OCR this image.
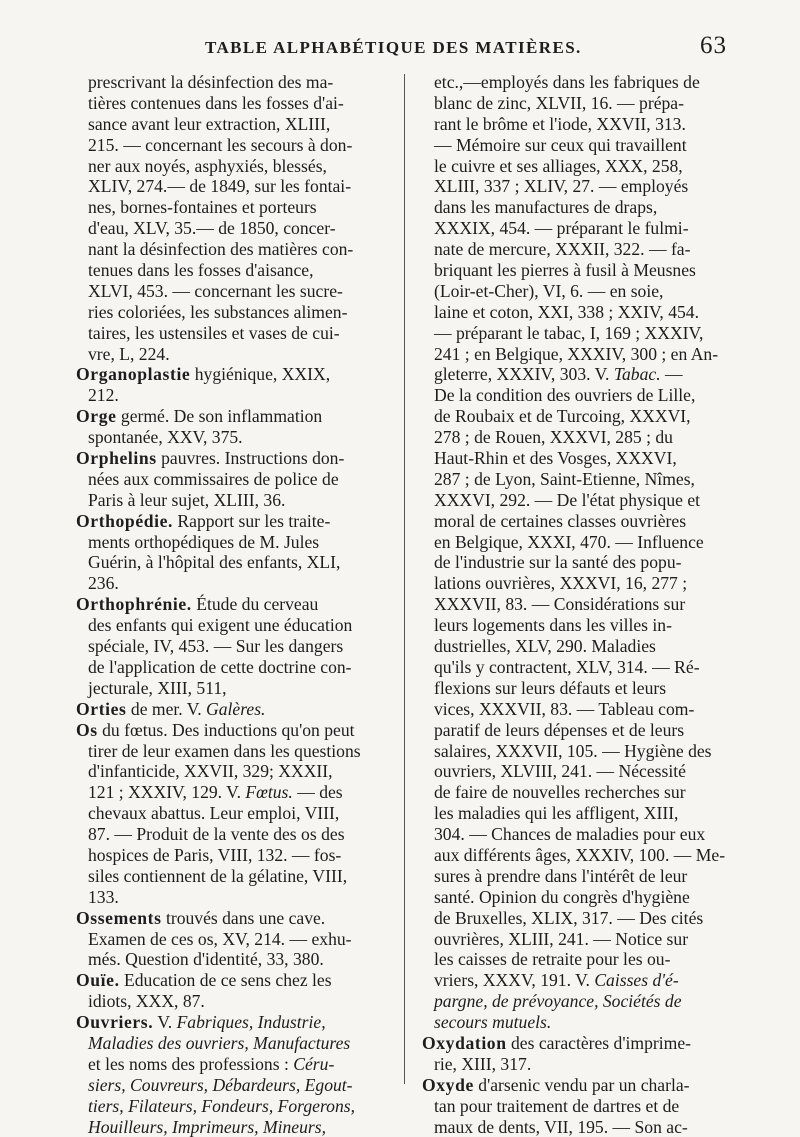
TABLE ALPHABÉTIQUE DES MATIÈRES.	63
prescrivant la désinfection des ma-
tières contenues dans les fosses d'ai-
sance avant leur extraction, XLIII,
215. — concernant les secours à don-
ner aux noyés, asphyxiés, blessés,
XLIV, 274.— de 1849, sur les fontai-
nes, bornes-fontaines et porteurs
d'eau, XLV, 35.— de 1850, concer-
nant la désinfection des matières con-
tenues dans les fosses d'aisance,
XLVI, 453. — concernant les sucre-
ries coloriées, les substances alimen-
taires, les ustensiles et vases de cui-
vre, L, 224.
Organoplastie hygiénique, XXIX,
212.
Orge germé. De son inflammation
spontanée, XXV, 375.
Orphelins pauvres. Instructions don-
nées aux commissaires de police de
Paris à leur sujet, XLIII, 36.
Orthopédie. Rapport sur les traite-
ments orthopédiques de M. Jules
Guérin, à l'hôpital des enfants, XLI,
236.
Orthophrénie. Étude du cerveau
des enfants qui exigent une éducation
spéciale, IV, 453. — Sur les dangers
de l'application de cette doctrine con-
jecturale, XIII, 511,
Orties de mer. V. Galères.
Os du fœtus. Des inductions qu'on peut
tirer de leur examen dans les questions
d'infanticide, XXVII, 329; XXXII,
121 ; XXXIV, 129. V. Fœtus. — des
chevaux abattus. Leur emploi, VIII,
87. — Produit de la vente des os des
hospices de Paris, VIII, 132. — fos-
siles contiennent de la gélatine, VIII,
133.
Ossements trouvés dans une cave.
Examen de ces os, XV, 214. — exhu-
més. Question d'identité, 33, 380.
Ouïe. Education de ce sens chez les
idiots, XXX, 87.
Ouvriers. V. Fabriques, Industrie,
Maladies des ouvriers, Manufactures
et les noms des professions : Céru-
siers, Couvreurs, Débardeurs, Egout-
tiers, Filateurs, Fondeurs, Forgerons,
Houilleurs, Imprimeurs, Mineurs,
etc.,—employés dans les fabriques de
blanc de zinc, XLVII, 16. — prépa-
rant le brôme et l'iode, XXVII, 313.
— Mémoire sur ceux qui travaillent
le cuivre et ses alliages, XXX, 258,
XLIII, 337 ; XLIV, 27. — employés
dans les manufactures de draps,
XXXIX, 454. — préparant le fulmi-
nate de mercure, XXXII, 322. — fa-
briquant les pierres à fusil à Meusnes
(Loir-et-Cher), VI, 6. — en soie,
laine et coton, XXI, 338 ; XXIV, 454.
— préparant le tabac, I, 169 ; XXXIV,
241 ; en Belgique, XXXIV, 300 ; en An-
gleterre, XXXIV, 303. V. Tabac. —
De la condition des ouvriers de Lille,
de Roubaix et de Turcoing, XXXVI,
278 ; de Rouen, XXXVI, 285 ; du
Haut-Rhin et des Vosges, XXXVI,
287 ; de Lyon, Saint-Etienne, Nîmes,
XXXVI, 292. — De l'état physique et
moral de certaines classes ouvrières
en Belgique, XXXI, 470. — Influence
de l'industrie sur la santé des popu-
lations ouvrières, XXXVI, 16, 277 ;
XXXVII, 83. — Considérations sur
leurs logements dans les villes in-
dustrielles, XLV, 290. Maladies
qu'ils y contractent, XLV, 314. — Ré-
flexions sur leurs défauts et leurs
vices, XXXVII, 83. — Tableau com-
paratif de leurs dépenses et de leurs
salaires, XXXVII, 105. — Hygiène des
ouvriers, XLVIII, 241. — Nécessité
de faire de nouvelles recherches sur
les maladies qui les affligent, XIII,
304. — Chances de maladies pour eux
aux différents âges, XXXIV, 100. — Me-
sures à prendre dans l'intérêt de leur
santé. Opinion du congrès d'hygiène
de Bruxelles, XLIX, 317. — Des cités
ouvrières, XLIII, 241. — Notice sur
les caisses de retraite pour les ou-
vriers, XXXV, 191. V. Caisses d'é-
pargne, de prévoyance, Sociétés de
secours mutuels.
Oxydation des caractères d'imprime-
rie, XIII, 317.
Oxyde d'arsenic vendu par un charla-
tan pour traitement de dartres et de
maux de dents, VII, 195. — Son ac-
